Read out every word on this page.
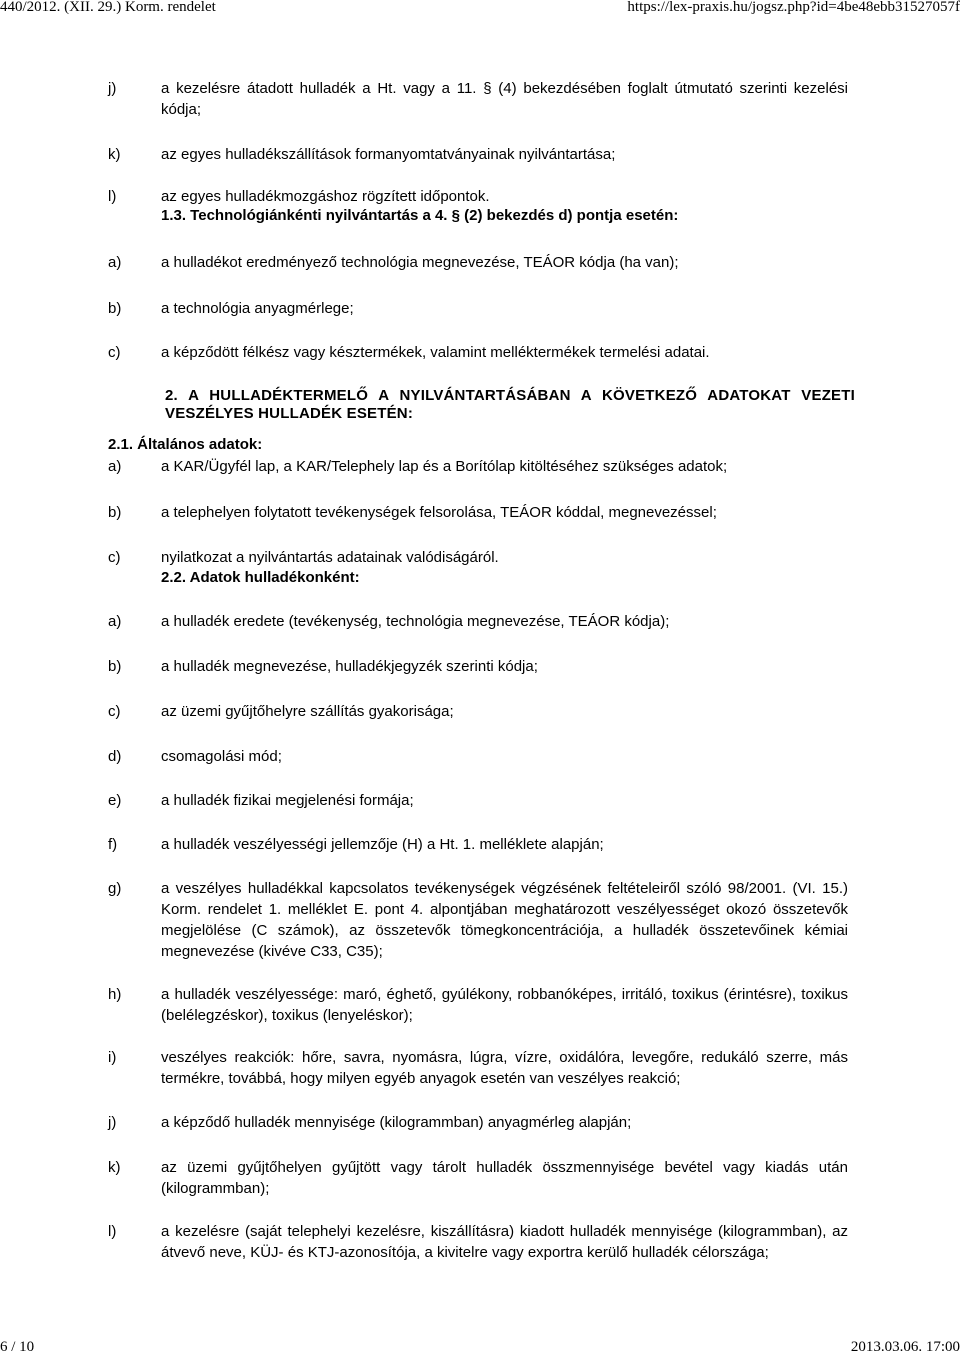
440/2012. (XII. 29.) Korm. rendelet	https://lex-praxis.hu/jogsz.php?id=4be48ebb31527057f
j)	a kezelésre átadott hulladék a Ht. vagy a 11. § (4) bekezdésében foglalt útmutató szerinti kezelési kódja;
k)	az egyes hulladékszállítások formanyomtatványainak nyilvántartása;
l)	az egyes hulladékmozgáshoz rögzített időpontok.
1.3. Technológiánkénti nyilvántartás a 4. § (2) bekezdés d) pontja esetén:
a)	a hulladékot eredményező technológia megnevezése, TEÁOR kódja (ha van);
b)	a technológia anyagmérlege;
c)	a képződött félkész vagy késztermékek, valamint melléktermékek termelési adatai.
2. A HULLADÉKTERMELŐ A NYILVÁNTARTÁSÁBAN A KÖVETKEZŐ ADATOKAT VEZETI VESZÉLYES HULLADÉK ESETÉN:
2.1. Általános adatok:
a)	a KAR/Ügyfél lap, a KAR/Telephely lap és a Borítólap kitöltéséhez szükséges adatok;
b)	a telephelyen folytatott tevékenységek felsorolása, TEÁOR kóddal, megnevezéssel;
c)	nyilatkozat a nyilvántartás adatainak valódiságáról.
2.2. Adatok hulladékonként:
a)	a hulladék eredete (tevékenység, technológia megnevezése, TEÁOR kódja);
b)	a hulladék megnevezése, hulladékjegyzék szerinti kódja;
c)	az üzemi gyűjtőhelyre szállítás gyakorisága;
d)	csomagolási mód;
e)	a hulladék fizikai megjelenési formája;
f)	a hulladék veszélyességi jellemzője (H) a Ht. 1. melléklete alapján;
g)	a veszélyes hulladékkal kapcsolatos tevékenységek végzésének feltételeiről szóló 98/2001. (VI. 15.) Korm. rendelet 1. melléklet E. pont 4. alpontjában meghatározott veszélyességet okozó összetevők megjelölése (C számok), az összetevők tömegkoncentrációja, a hulladék összetevőinek kémiai megnevezése (kivéve C33, C35);
h)	a hulladék veszélyessége: maró, éghető, gyúlékony, robbanóképes, irritáló, toxikus (érintésre), toxikus (belélegzéskor), toxikus (lenyeléskor);
i)	veszélyes reakciók: hőre, savra, nyomásra, lúgra, vízre, oxidálóra, levegőre, redukáló szerre, más termékre, továbbá, hogy milyen egyéb anyagok esetén van veszélyes reakció;
j)	a képződő hulladék mennyisége (kilogrammban) anyagmérleg alapján;
k)	az üzemi gyűjtőhelyen gyűjtött vagy tárolt hulladék összmennyisége bevétel vagy kiadás után (kilogrammban);
l)	a kezelésre (saját telephelyi kezelésre, kiszállításra) kiadott hulladék mennyisége (kilogrammban), az átvevő neve, KÜJ- és KTJ-azonosítója, a kivitelre vagy exportra kerülő hulladék célországa;
6 / 10	2013.03.06. 17:00
